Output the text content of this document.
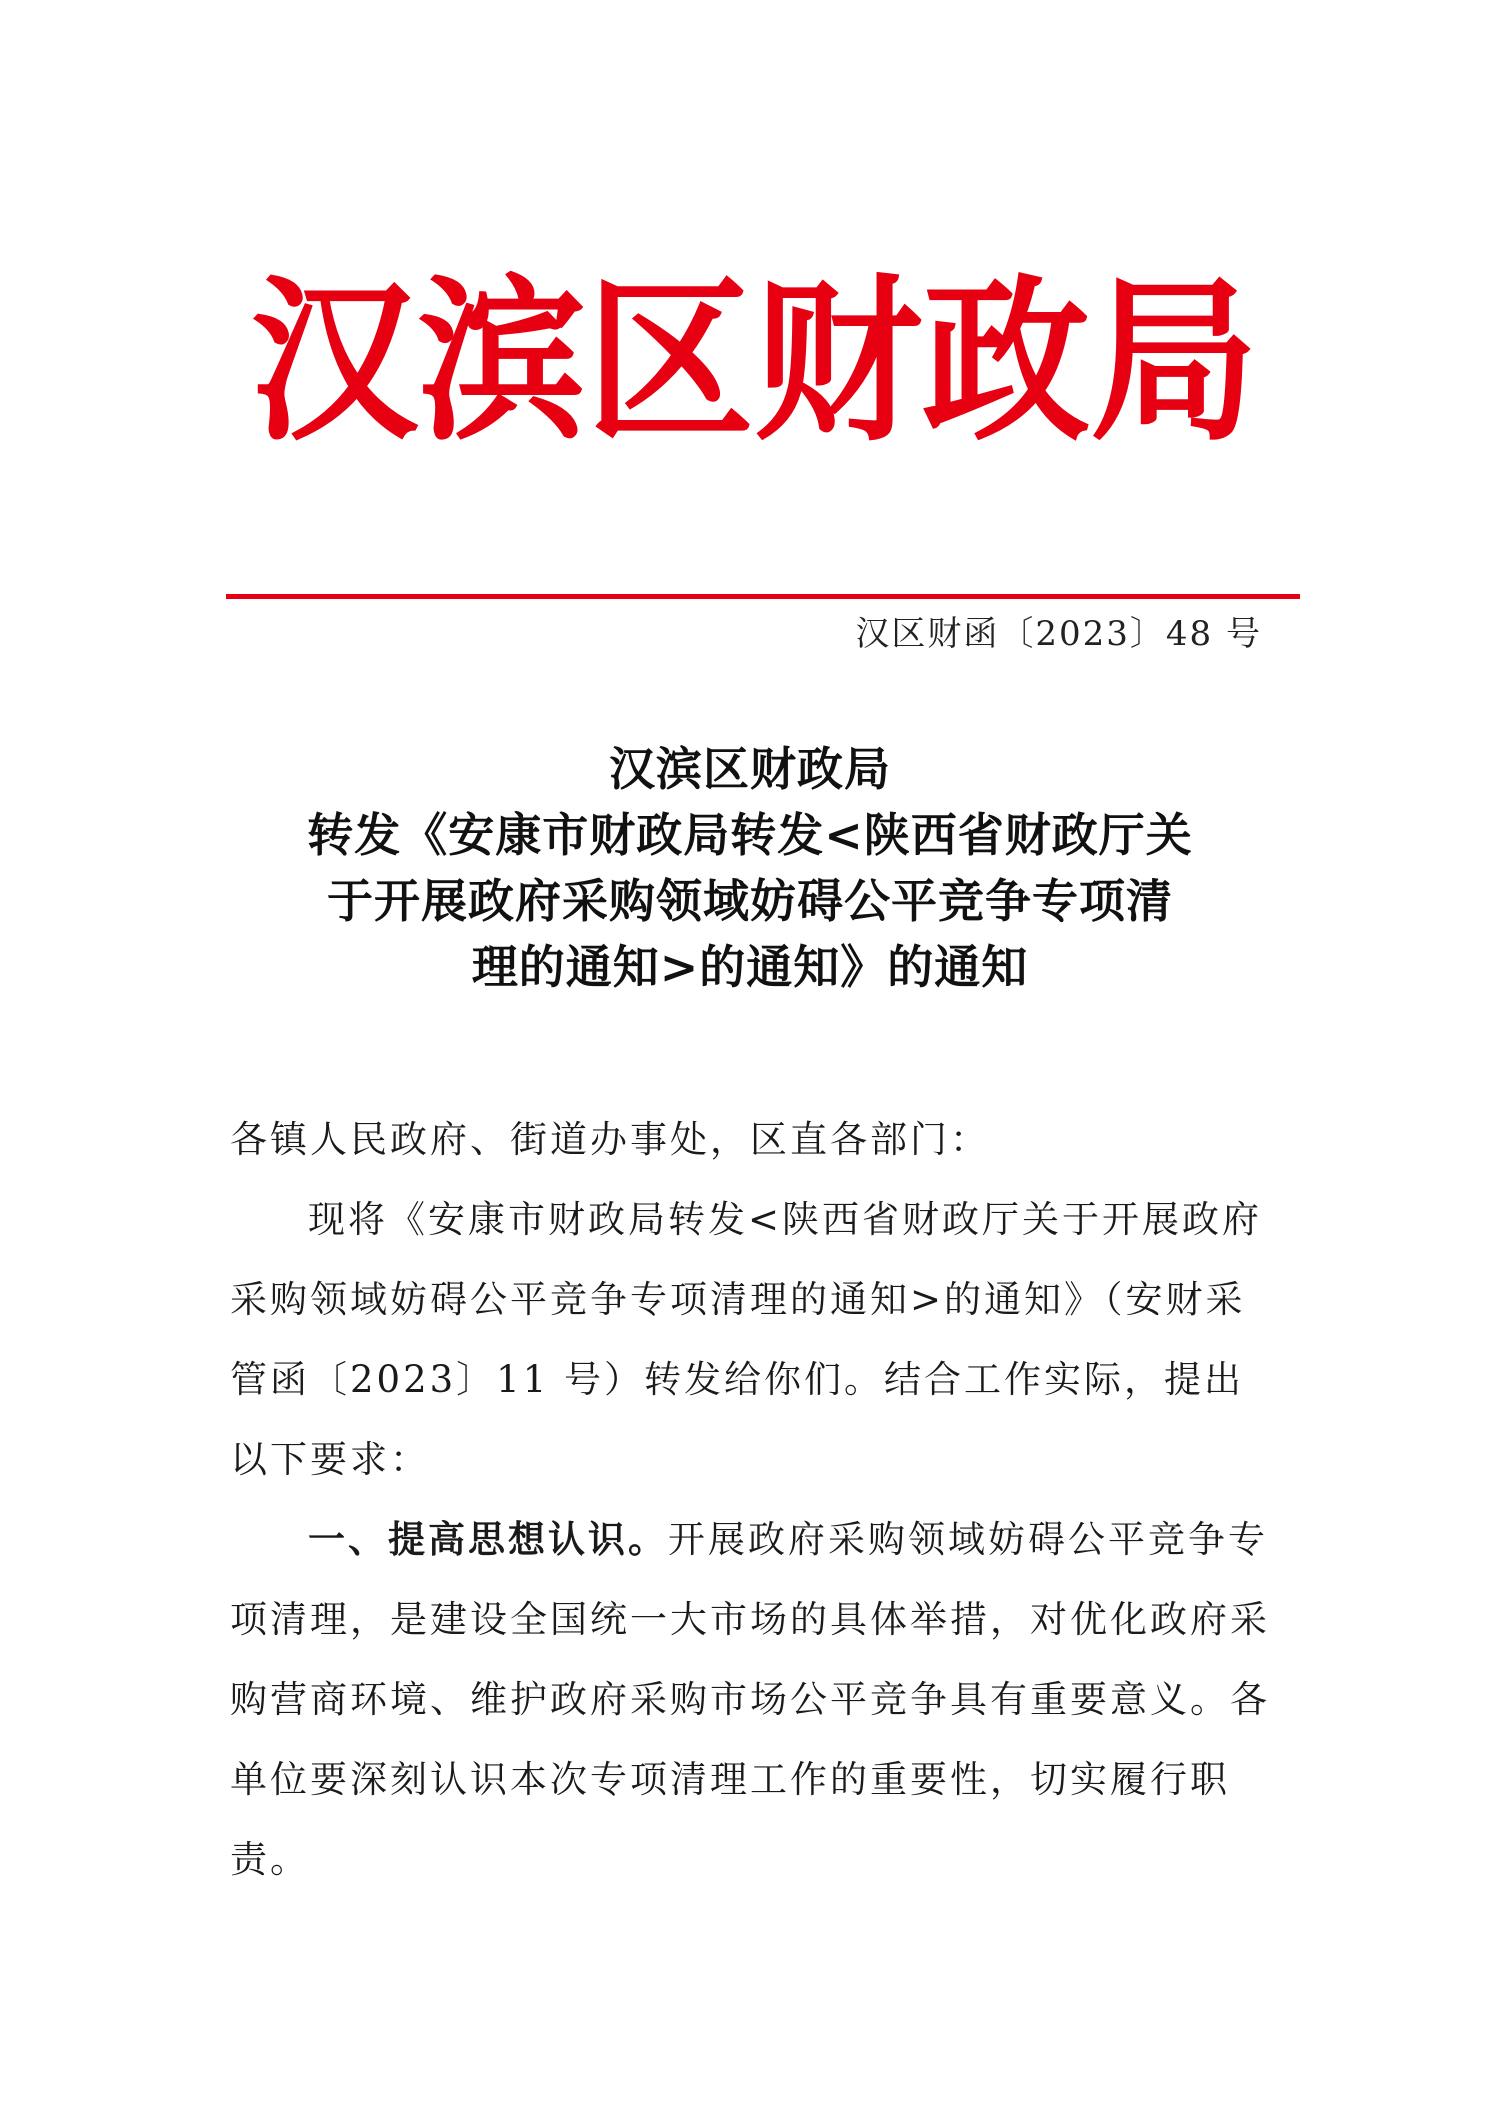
汉 滨 区 财 政 局
汉区财函〔2023〕48 号
汉滨区财政局
转发《安康市财政局转发<陕西省财政厅关
于开展政府采购领域妨碍公平竞争专项清
理的通知>的通知》的通知

各镇人民政府、街道办事处，区直各部门：

现将《安康市财政局转发<陕西省财政厅关于开展政府采购领域妨碍公平竞争专项清理的通知>的通知》（安财采管函〔2023〕11 号）转发给你们。结合工作实际，提出以下要求：

一、提高思想认识。开展政府采购领域妨碍公平竞争专项清理，是建设全国统一大市场的具体举措，对优化政府采购营商环境、维护政府采购市场公平竞争具有重要意义。各单位要深刻认识本次专项清理工作的重要性，切实履行职责。
